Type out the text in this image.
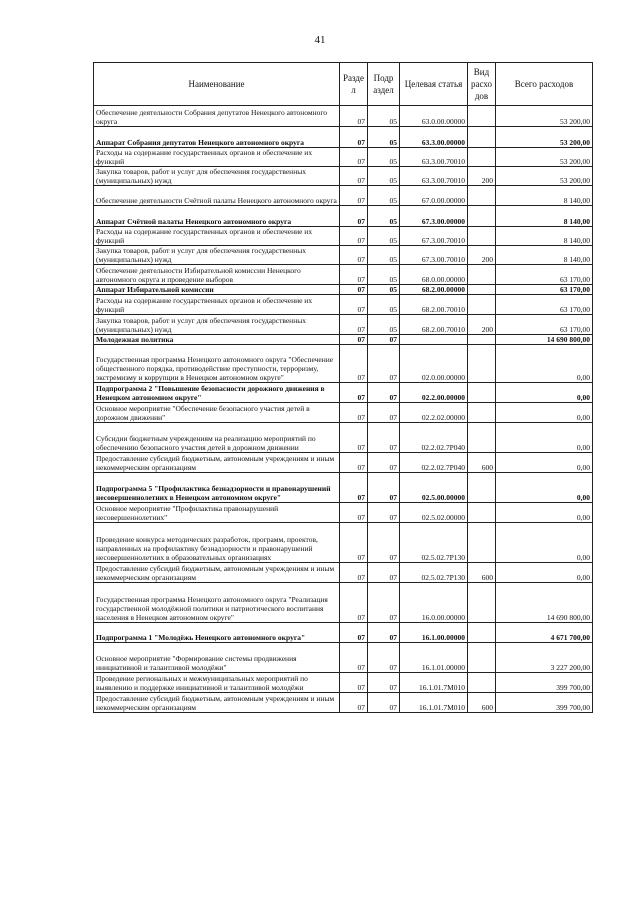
41
Наименование	Разде л	Подр аздел	Целевая статья	Вид расхо дов	Всего расходов
Обеспечение деятельности Собрания депутатов Ненецкого автономного округа	07	05	63.0.00.00000		53 200,00
Аппарат Собрания депутатов Ненецкого автономного округа	07	05	63.3.00.00000		53 200,00
Расходы на содержание государственных органов и обеспечение их функций	07	05	63.3.00.70010		53 200,00
Закупка товаров, работ и услуг для обеспечения государственных (муниципальных) нужд	07	05	63.3.00.70010	200	53 200,00
Обеспечение деятельности Счётной палаты Ненецкого автономного округа	07	05	67.0.00.00000		8 140,00
Аппарат Счётной палаты Ненецкого автономного округа	07	05	67.3.00.00000		8 140,00
Расходы на содержание государственных органов и обеспечение их функций	07	05	67.3.00.70010		8 140,00
Закупка товаров, работ и услуг для обеспечения государственных (муниципальных) нужд	07	05	67.3.00.70010	200	8 140,00
Обеспечение деятельности Избирательной комиссии Ненецкого автономного округа и проведение выборов	07	05	68.0.00.00000		63 170,00
Аппарат Избирательной комиссии	07	05	68.2.00.00000		63 170,00
Расходы на содержание государственных органов и обеспечение их функций	07	05	68.2.00.70010		63 170,00
Закупка товаров, работ и услуг для обеспечения государственных (муниципальных) нужд	07	05	68.2.00.70010	200	63 170,00
Молодежная политика	07	07			14 690 800,00
Государственная программа Ненецкого автономного округа "Обеспечение общественного порядка, противодействие преступности, терроризму, экстремизму и коррупции в Ненецком автономном округе"	07	07	02.0.00.00000		0,00
Подпрограмма 2 "Повышение безопасности дорожного движения в Ненецком автономном округе"	07	07	02.2.00.00000		0,00
Основное мероприятие "Обеспечение безопасного участия детей в дорожном движении"	07	07	02.2.02.00000		0,00
Субсидии бюджетным учреждениям на реализацию мероприятий по обеспечению безопасного участия детей в дорожном движении	07	07	02.2.02.7Р040		0,00
Предоставление субсидий бюджетным, автономным учреждениям и иным некоммерческим организациям	07	07	02.2.02.7Р040	600	0,00
Подпрограмма 5 "Профилактика безнадзорности и правонарушений несовершеннолетних в Ненецком автономном округе"	07	07	02.5.00.00000		0,00
Основное мероприятие "Профилактика правонарушений несовершеннолетних"	07	07	02.5.02.00000		0,00
Проведение конкурса методических разработок, программ, проектов, направленных на профилактику безнадзорности и правонарушений несовершеннолетних в образовательных организациях	07	07	02.5.02.7Р130		0,00
Предоставление субсидий бюджетным, автономным учреждениям и иным некоммерческим организациям	07	07	02.5.02.7Р130	600	0,00
Государственная программа Ненецкого автономного округа "Реализация государственной молодёжной политики и патриотического воспитания населения в Ненецком автономном округе"	07	07	16.0.00.00000		14 690 800,00
Подпрограмма 1 "Молодёжь Ненецкого автономного округа"	07	07	16.1.00.00000		4 671 700,00
Основное мероприятие "Формирование системы продвижения инициативной и талантливой молодёжи"	07	07	16.1.01.00000		3 227 200,00
Проведение региональных и межмуниципальных мероприятий по выявлению и поддержке инициативной и талантливой молодёжи	07	07	16.1.01.7М010		399 700,00
Предоставление субсидий бюджетным, автономным учреждениям и иным некоммерческим организациям	07	07	16.1.01.7М010	600	399 700,00
